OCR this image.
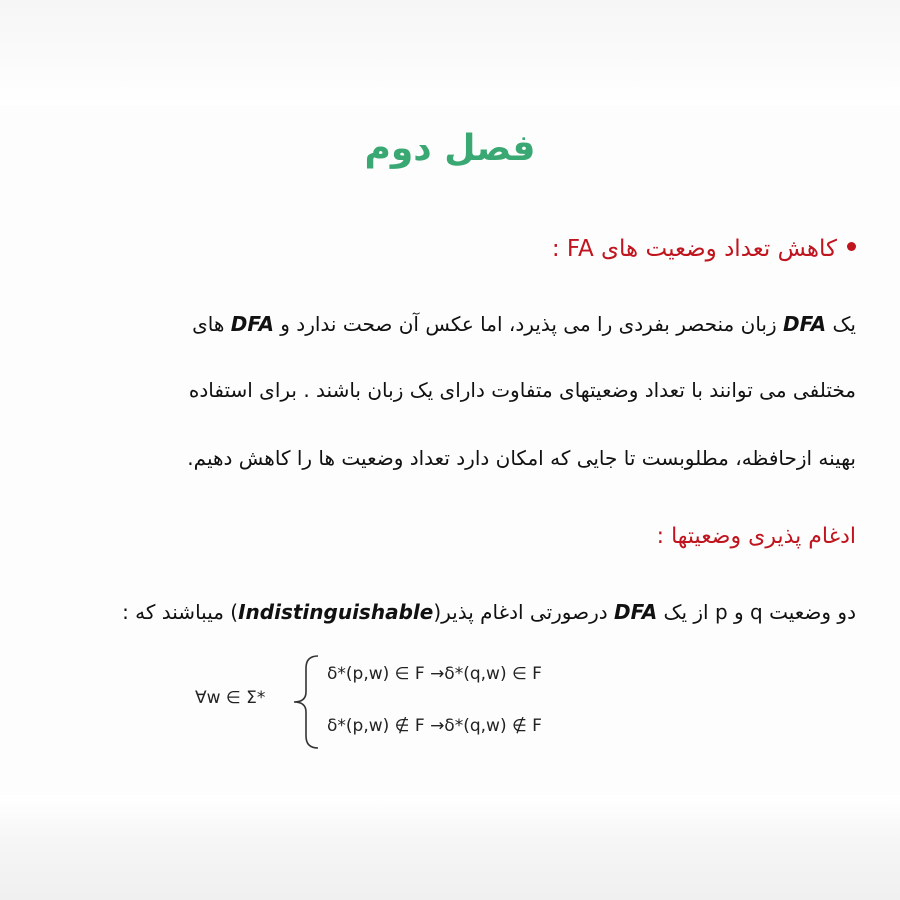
فصل دوم
کاهش تعداد وضعیت های FA :
یک DFA زبان منحصر بفردی را می پذیرد، اما عکس آن صحت ندارد و DFA های
مختلفی می توانند با تعداد وضعیتهای متفاوت دارای یک زبان باشند . برای استفاده
بهینه ازحافظه، مطلوبست تا جایی که امکان دارد تعداد وضعیت ها را کاهش دهیم.
ادغام پذیری وضعیتها :
دو وضعیت q و p از یک DFA درصورتی ادغام پذیر(Indistinguishable) میباشند که :
∀w ∈ Σ*
δ*(p,w) ∈ F →δ*(q,w) ∈ F
δ*(p,w) ∉ F →δ*(q,w) ∉ F
